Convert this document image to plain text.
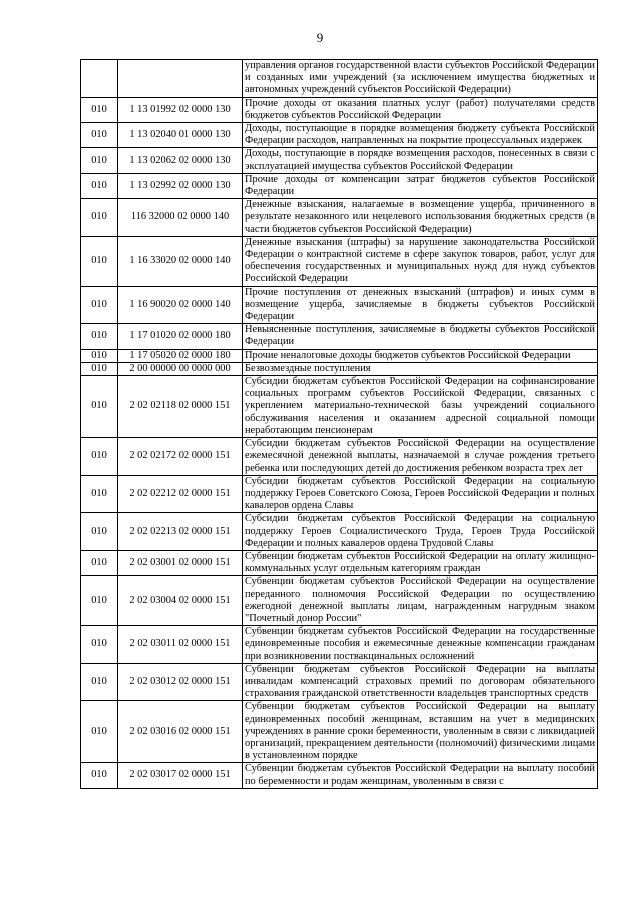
9
		управления органов государственной власти субъектов Российской Федерации и созданных ими учреждений (за исключением имущества бюджетных и автономных учреждений субъектов Российской Федерации)
010	1 13 01992 02 0000 130	Прочие доходы от оказания платных услуг (работ) получателями средств бюджетов субъектов Российской Федерации
010	1 13 02040 01 0000 130	Доходы, поступающие в порядке возмещения бюджету субъекта Российской Федерации расходов, направленных на покрытие процессуальных издержек
010	1 13 02062 02 0000 130	Доходы, поступающие в порядке возмещения расходов, понесенных в связи с эксплуатацией имущества субъектов Российской Федерации
010	1 13 02992 02 0000 130	Прочие доходы от компенсации затрат бюджетов субъектов Российской Федерации
010	116 32000 02 0000 140	Денежные взыскания, налагаемые в возмещение ущерба, причиненного в результате незаконного или нецелевого использования бюджетных средств (в части бюджетов субъектов Российской Федерации)
010	1 16 33020 02 0000 140	Денежные взыскания (штрафы) за нарушение законодательства Российской Федерации о контрактной системе в сфере закупок товаров, работ, услуг для обеспечения государственных и муниципальных нужд для нужд субъектов Российской Федерации
010	1 16 90020 02 0000 140	Прочие поступления от денежных взысканий (штрафов) и иных сумм в возмещение ущерба, зачисляемые в бюджеты субъектов Российской Федерации
010	1 17 01020 02 0000 180	Невыясненные поступления, зачисляемые в бюджеты субъектов Российской Федерации
010	1 17 05020 02 0000 180	Прочие неналоговые доходы бюджетов субъектов Российской Федерации
010	2 00 00000 00 0000 000	Безвозмездные поступления
010	2 02 02118 02 0000 151	Субсидии бюджетам субъектов Российской Федерации на софинансирование социальных программ субъектов Российской Федерации, связанных с укреплением материально-технической базы учреждений социального обслуживания населения и оказанием адресной социальной помощи неработающим пенсионерам
010	2 02 02172 02 0000 151	Субсидии бюджетам субъектов Российской Федерации на осуществление ежемесячной денежной выплаты, назначаемой в случае рождения третьего ребенка или последующих детей до достижения ребенком возраста трех лет
010	2 02 02212 02 0000 151	Субсидии бюджетам субъектов Российской Федерации на социальную поддержку Героев Советского Союза, Героев Российской Федерации и полных кавалеров ордена Славы
010	2 02 02213 02 0000 151	Субсидии бюджетам субъектов Российской Федерации на социальную поддержку Героев Социалистического Труда, Героев Труда Российской Федерации и полных кавалеров ордена Трудовой Славы
010	2 02 03001 02 0000 151	Субвенции бюджетам субъектов Российской Федерации на оплату жилищно-коммунальных услуг отдельным категориям граждан
010	2 02 03004 02 0000 151	Субвенции бюджетам субъектов Российской Федерации на осуществление переданного полномочия Российской Федерации по осуществлению ежегодной денежной выплаты лицам, награжденным нагрудным знаком "Почетный донор России"
010	2 02 03011 02 0000 151	Субвенции бюджетам субъектов Российской Федерации на государственные единовременные пособия и ежемесячные денежные компенсации гражданам при возникновении поствакцинальных осложнений
010	2 02 03012 02 0000 151	Субвенции бюджетам субъектов Российской Федерации на выплаты инвалидам компенсаций страховых премий по договорам обязательного страхования гражданской ответственности владельцев транспортных средств
010	2 02 03016 02 0000 151	Субвенции бюджетам субъектов Российской Федерации на выплату единовременных пособий женщинам, вставшим на учет в медицинских учреждениях в ранние сроки беременности, уволенным в связи с ликвидацией организаций, прекращением деятельности (полномочий) физическими лицами в установленном порядке
010	2 02 03017 02 0000 151	Субвенции бюджетам субъектов Российской Федерации на выплату пособий по беременности и родам женщинам, уволенным в связи с
